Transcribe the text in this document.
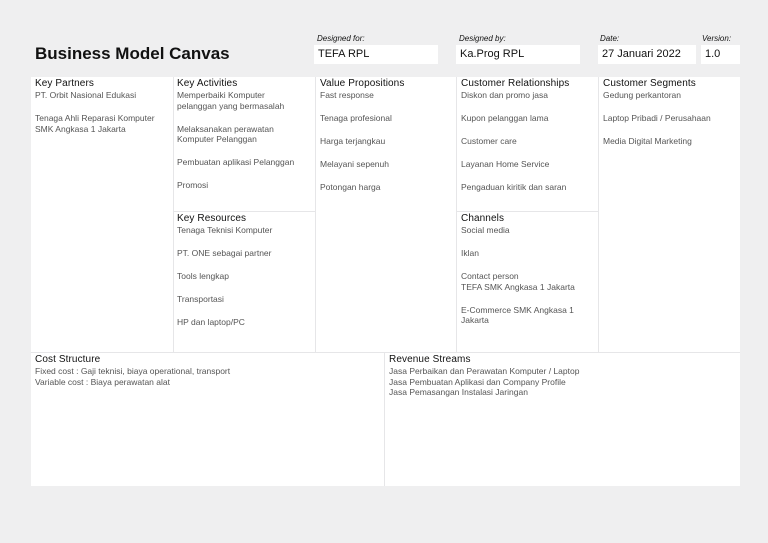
Business Model Canvas
Designed for:
TEFA RPL
Designed by:
Ka.Prog RPL
Date:
27 Januari 2022
Version:
1.0
Key Partners
PT. Orbit Nasional Edukasi
Tenaga Ahli Reparasi Komputer
SMK Angkasa 1 Jakarta
Key Activities
Memperbaiki Komputer
pelanggan yang bermasalah
Melaksanakan perawatan
Komputer Pelanggan
Pembuatan aplikasi Pelanggan
Promosi
Key Resources
Tenaga Teknisi Komputer
PT. ONE sebagai partner
Tools lengkap
Transportasi
HP dan laptop/PC
Value Propositions
Fast response
Tenaga profesional
Harga terjangkau
Melayani sepenuh
Potongan harga
Customer Relationships
Diskon dan promo jasa
Kupon pelanggan lama
Customer care
Layanan Home Service
Pengaduan kiritik dan saran
Channels
Social media
Iklan
Contact person
TEFA SMK Angkasa 1 Jakarta
E-Commerce SMK Angkasa 1
Jakarta
Customer Segments
Gedung perkantoran
Laptop Pribadi / Perusahaan
Media Digital Marketing
Cost Structure
Fixed cost : Gaji teknisi, biaya operational, transport
Variable cost : Biaya perawatan alat
Revenue Streams
Jasa Perbaikan dan Perawatan Komputer / Laptop
Jasa Pembuatan Aplikasi dan Company Profile
Jasa Pemasangan Instalasi Jaringan
